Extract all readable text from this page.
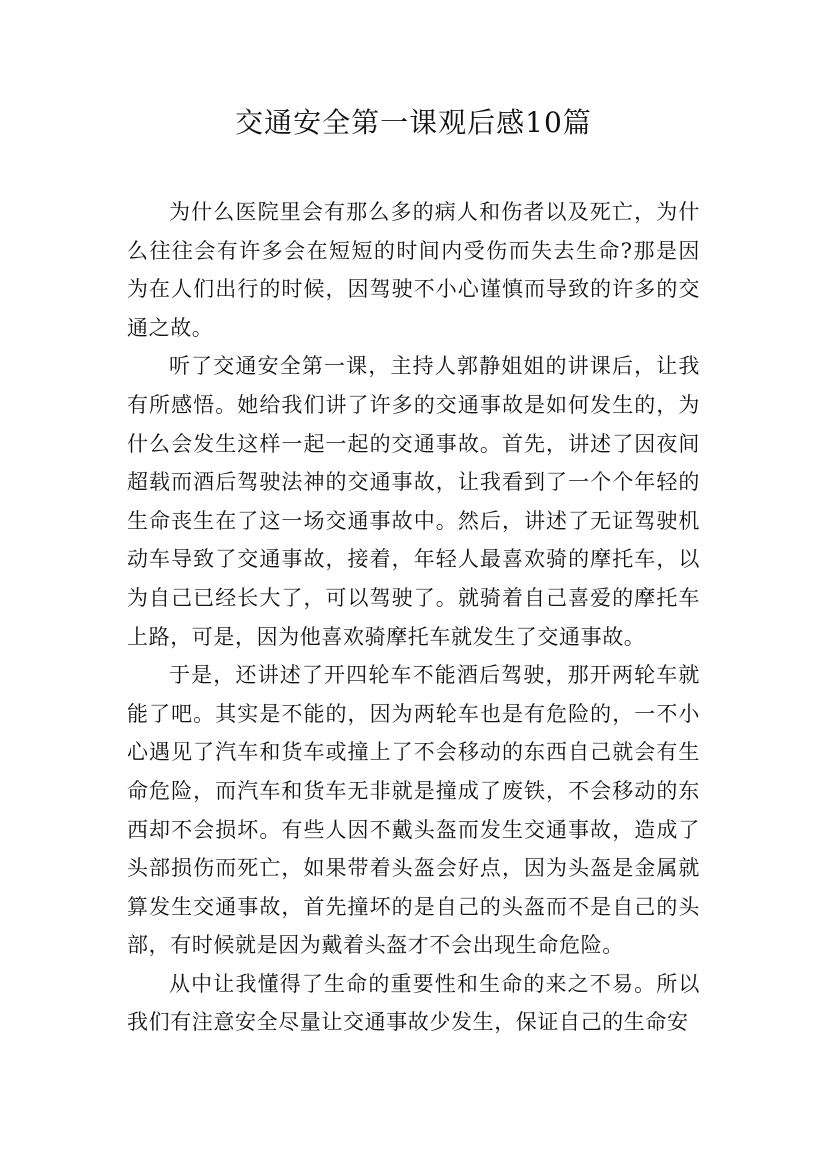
交通安全第一课观后感10篇

为什么医院里会有那么多的病人和伤者以及死亡，为什么往往会有许多会在短短的时间内受伤而失去生命?那是因为在人们出行的时候，因驾驶不小心谨慎而导致的许多的交通之故。

听了交通安全第一课，主持人郭静姐姐的讲课后，让我有所感悟。她给我们讲了许多的交通事故是如何发生的，为什么会发生这样一起一起的交通事故。首先，讲述了因夜间超载而酒后驾驶法神的交通事故，让我看到了一个个年轻的生命丧生在了这一场交通事故中。然后，讲述了无证驾驶机动车导致了交通事故，接着，年轻人最喜欢骑的摩托车，以为自己已经长大了，可以驾驶了。就骑着自己喜爱的摩托车上路，可是，因为他喜欢骑摩托车就发生了交通事故。

于是，还讲述了开四轮车不能酒后驾驶，那开两轮车就能了吧。其实是不能的，因为两轮车也是有危险的，一不小心遇见了汽车和货车或撞上了不会移动的东西自己就会有生命危险，而汽车和货车无非就是撞成了废铁，不会移动的东西却不会损坏。有些人因不戴头盔而发生交通事故，造成了头部损伤而死亡，如果带着头盔会好点，因为头盔是金属就算发生交通事故，首先撞坏的是自己的头盔而不是自己的头部，有时候就是因为戴着头盔才不会出现生命危险。

从中让我懂得了生命的重要性和生命的来之不易。所以我们有注意安全尽量让交通事故少发生，保证自己的生命安
